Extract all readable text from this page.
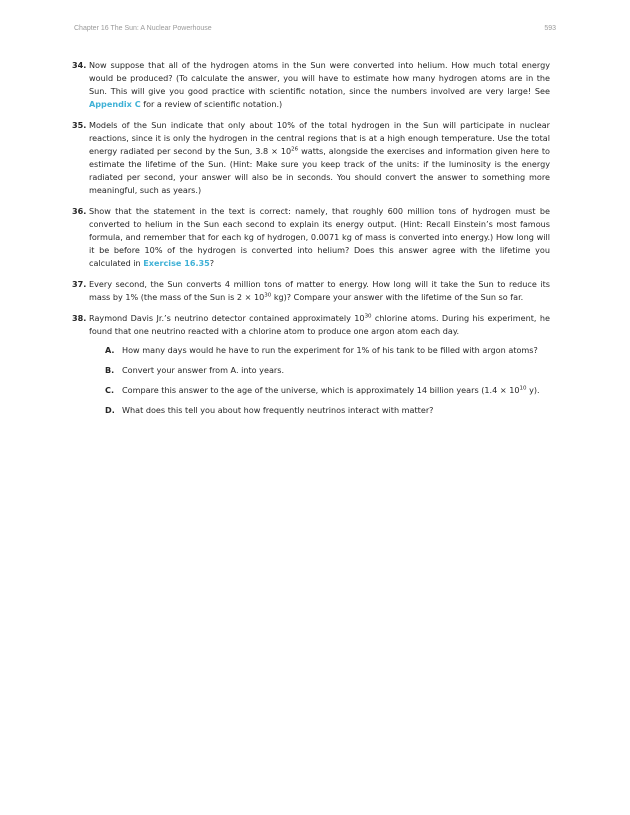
Chapter 16 The Sun: A Nuclear Powerhouse	593
34. Now suppose that all of the hydrogen atoms in the Sun were converted into helium. How much total energy would be produced? (To calculate the answer, you will have to estimate how many hydrogen atoms are in the Sun. This will give you good practice with scientific notation, since the numbers involved are very large! See Appendix C for a review of scientific notation.)
35. Models of the Sun indicate that only about 10% of the total hydrogen in the Sun will participate in nuclear reactions, since it is only the hydrogen in the central regions that is at a high enough temperature. Use the total energy radiated per second by the Sun, $3.8 \times 10^{26}$ watts, alongside the exercises and information given here to estimate the lifetime of the Sun. (Hint: Make sure you keep track of the units: if the luminosity is the energy radiated per second, your answer will also be in seconds. You should convert the answer to something more meaningful, such as years.)
36. Show that the statement in the text is correct: namely, that roughly 600 million tons of hydrogen must be converted to helium in the Sun each second to explain its energy output. (Hint: Recall Einstein’s most famous formula, and remember that for each kg of hydrogen, 0.0071 kg of mass is converted into energy.) How long will it be before 10% of the hydrogen is converted into helium? Does this answer agree with the lifetime you calculated in Exercise 16.35?
37. Every second, the Sun converts 4 million tons of matter to energy. How long will it take the Sun to reduce its mass by 1% (the mass of the Sun is $2 \times 10^{30}$ kg)? Compare your answer with the lifetime of the Sun so far.
38. Raymond Davis Jr.’s neutrino detector contained approximately $10^{30}$ chlorine atoms. During his experiment, he found that one neutrino reacted with a chlorine atom to produce one argon atom each day.
A. How many days would he have to run the experiment for 1% of his tank to be filled with argon atoms?
B. Convert your answer from A. into years.
C. Compare this answer to the age of the universe, which is approximately 14 billion years ($1.4 \times 10^{10}$ y).
D. What does this tell you about how frequently neutrinos interact with matter?
